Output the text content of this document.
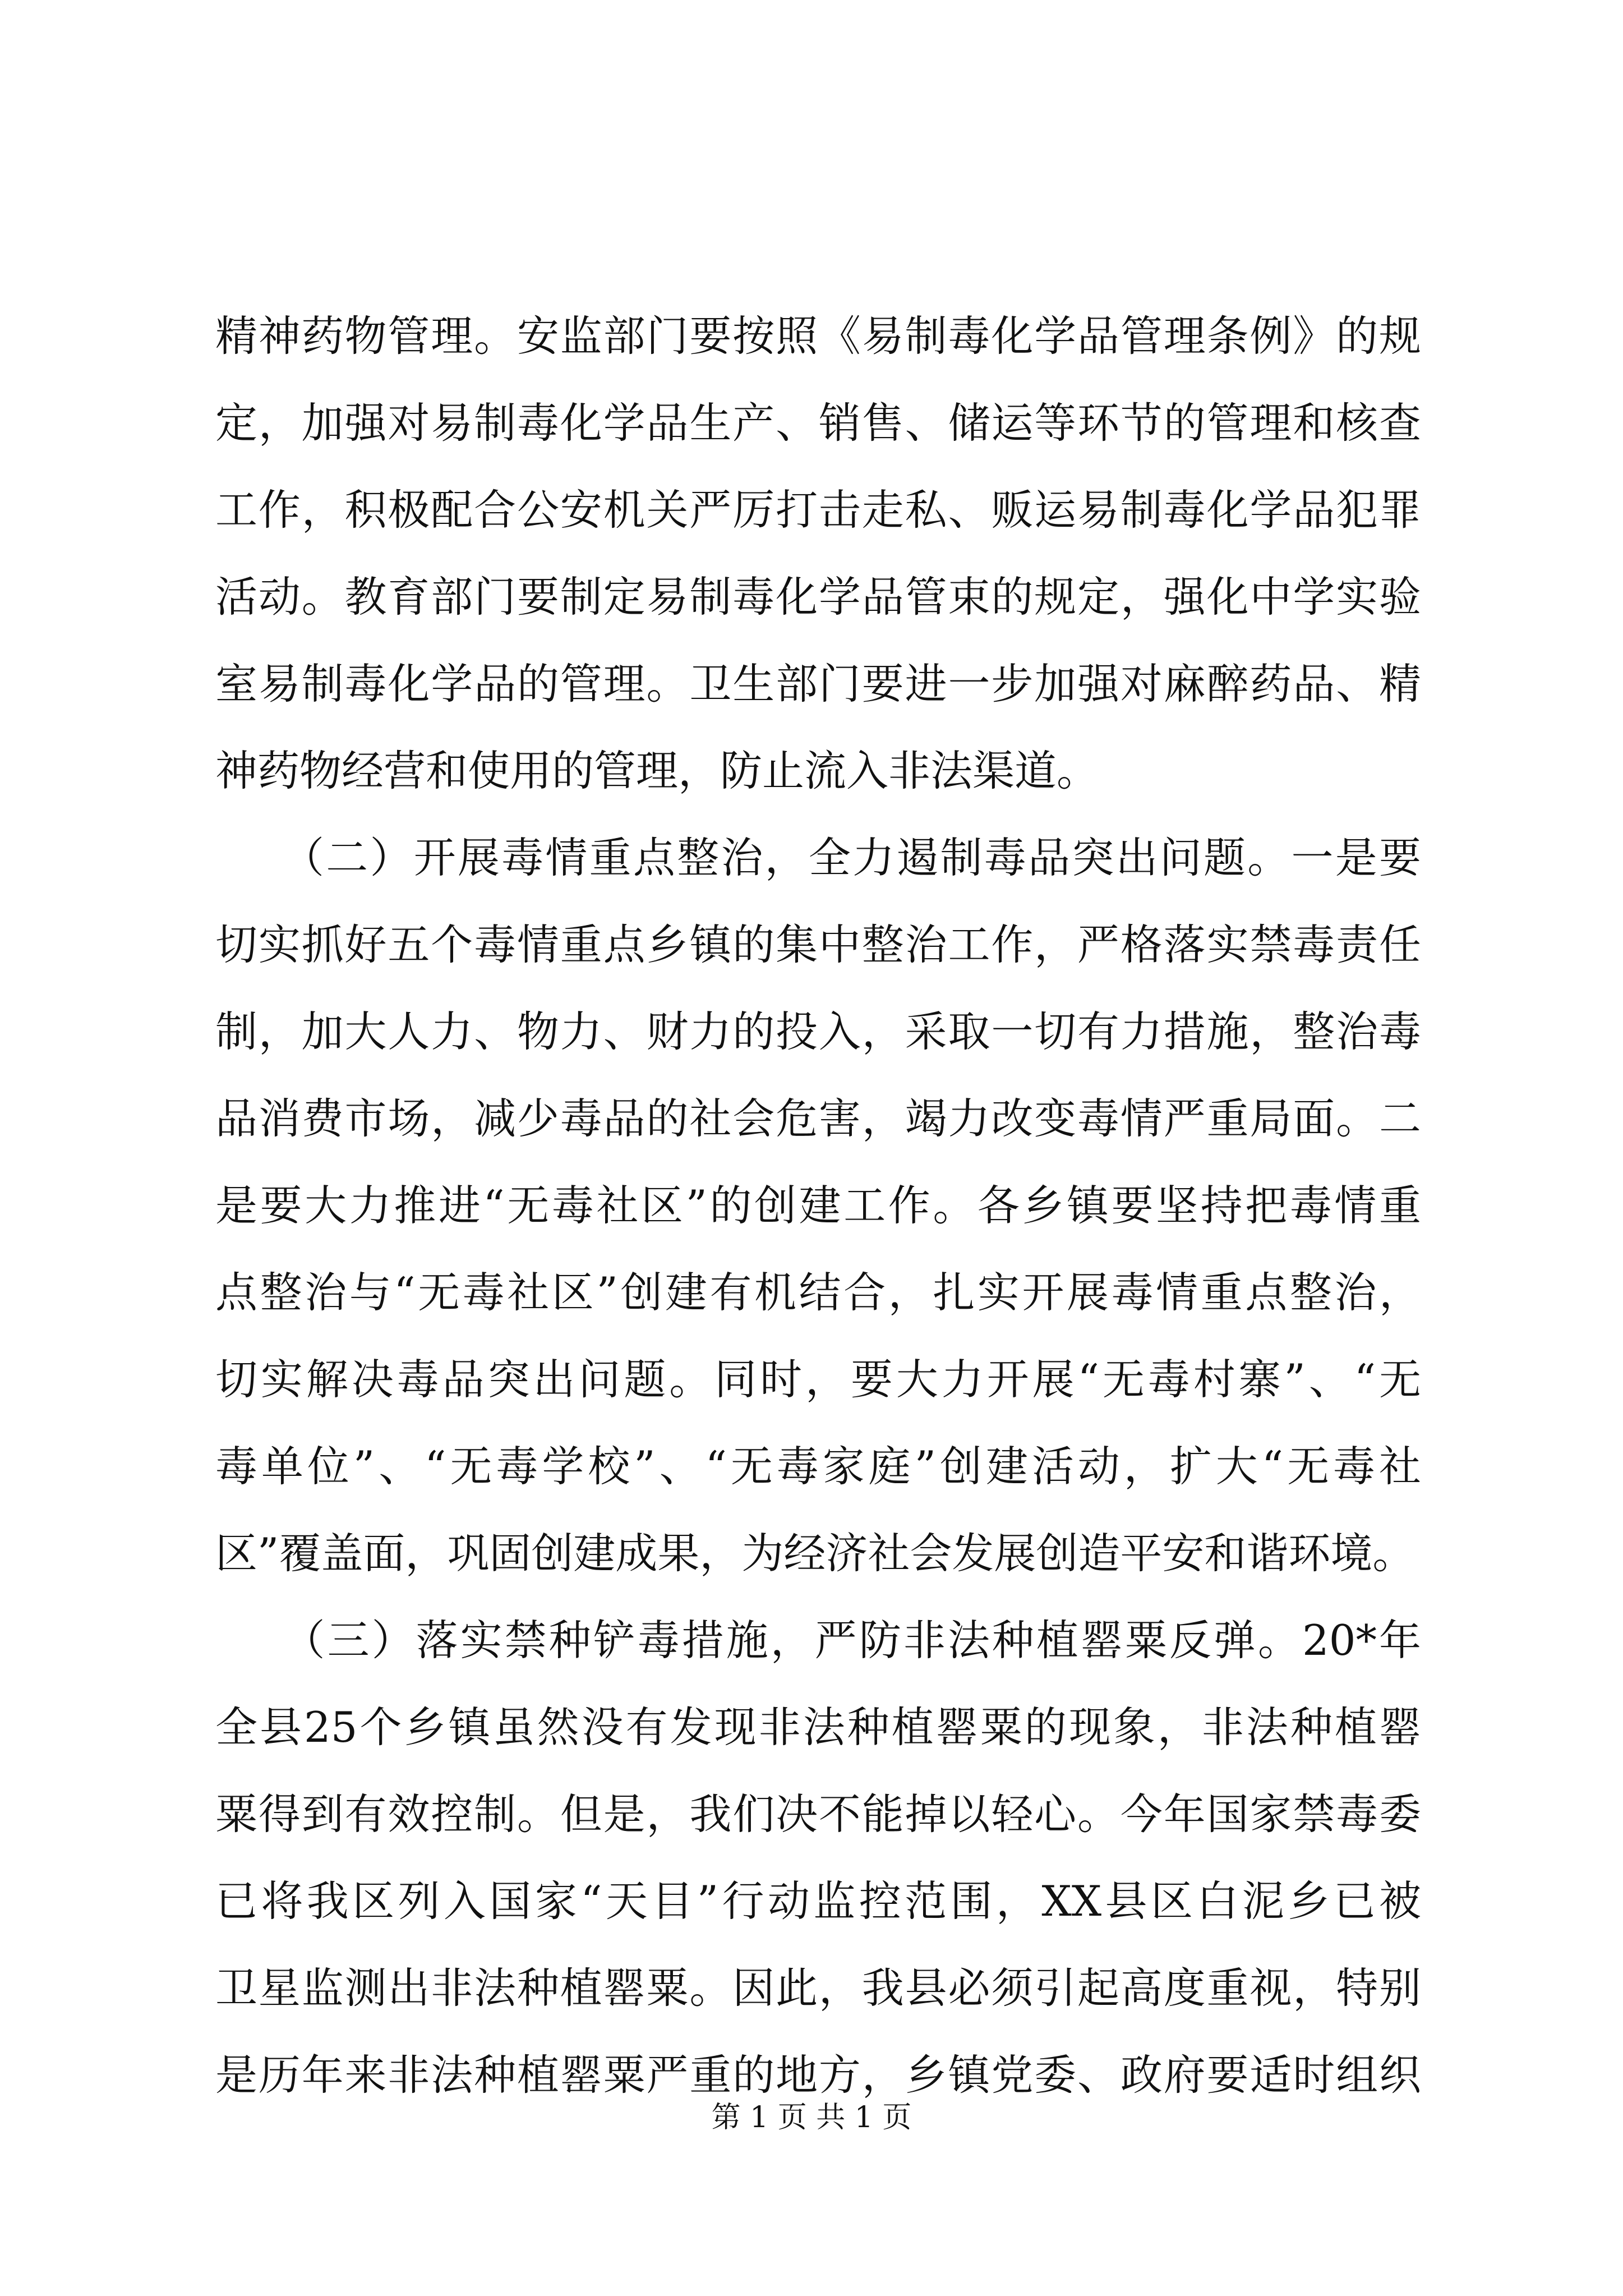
精神药物管理。安监部门要按照《易制毒化学品管理条例》的规
定，加强对易制毒化学品生产、销售、储运等环节的管理和核查
工作，积极配合公安机关严厉打击走私、贩运易制毒化学品犯罪
活动。教育部门要制定易制毒化学品管束的规定，强化中学实验
室易制毒化学品的管理。卫生部门要进一步加强对麻醉药品、精
神药物经营和使用的管理，防止流入非法渠道。
　　（二）开展毒情重点整治，全力遏制毒品突出问题。一是要
切实抓好五个毒情重点乡镇的集中整治工作，严格落实禁毒责任
制，加大人力、物力、财力的投入，采取一切有力措施，整治毒
品消费市场，减少毒品的社会危害，竭力改变毒情严重局面。二
是要大力推进“无毒社区”的创建工作。各乡镇要坚持把毒情重
点整治与“无毒社区”创建有机结合，扎实开展毒情重点整治，
切实解决毒品突出问题。同时，要大力开展“无毒村寨”、“无
毒单位”、“无毒学校”、“无毒家庭”创建活动，扩大“无毒社
区”覆盖面，巩固创建成果，为经济社会发展创造平安和谐环境。
　　（三）落实禁种铲毒措施，严防非法种植罂粟反弹。20*年
全县25个乡镇虽然没有发现非法种植罂粟的现象，非法种植罂
粟得到有效控制。但是，我们决不能掉以轻心。今年国家禁毒委
已将我区列入国家“天目”行动监控范围，XX县区白泥乡已被
卫星监测出非法种植罂粟。因此，我县必须引起高度重视，特别
是历年来非法种植罂粟严重的地方，乡镇党委、政府要适时组织
第 1 页 共 1 页
